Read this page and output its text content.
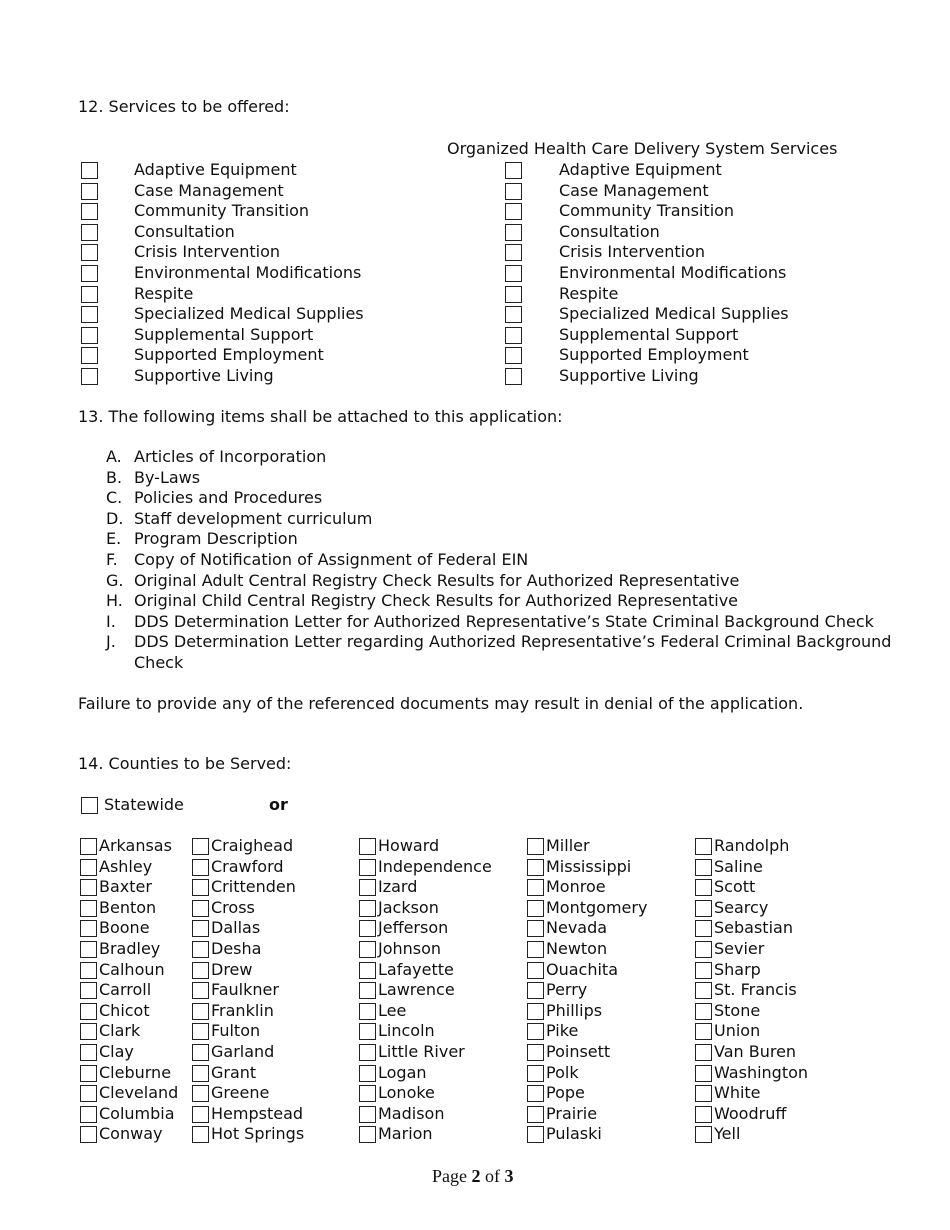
12. Services to be offered:
Organized Health Care Delivery System Services
Adaptive Equipment
Case Management
Community Transition
Consultation
Crisis Intervention
Environmental Modifications
Respite
Specialized Medical Supplies
Supplemental Support
Supported Employment
Supportive Living
Adaptive Equipment
Case Management
Community Transition
Consultation
Crisis Intervention
Environmental Modifications
Respite
Specialized Medical Supplies
Supplemental Support
Supported Employment
Supportive Living
13. The following items shall be attached to this application:
A. Articles of Incorporation
B. By-Laws
C. Policies and Procedures
D. Staff development curriculum
E. Program Description
F. Copy of Notification of Assignment of Federal EIN
G. Original Adult Central Registry Check Results for Authorized Representative
H. Original Child Central Registry Check Results for Authorized Representative
I. DDS Determination Letter for Authorized Representative’s State Criminal Background Check
J. DDS Determination Letter regarding Authorized Representative’s Federal Criminal Background
Check
Failure to provide any of the referenced documents may result in denial of the application.
14. Counties to be Served:
Statewide	or
Arkansas
Ashley
Baxter
Benton
Boone
Bradley
Calhoun
Carroll
Chicot
Clark
Clay
Cleburne
Cleveland
Columbia
Conway
Craighead
Crawford
Crittenden
Cross
Dallas
Desha
Drew
Faulkner
Franklin
Fulton
Garland
Grant
Greene
Hempstead
Hot Springs
Howard
Independence
Izard
Jackson
Jefferson
Johnson
Lafayette
Lawrence
Lee
Lincoln
Little River
Logan
Lonoke
Madison
Marion
Miller
Mississippi
Monroe
Montgomery
Nevada
Newton
Ouachita
Perry
Phillips
Pike
Poinsett
Polk
Pope
Prairie
Pulaski
Randolph
Saline
Scott
Searcy
Sebastian
Sevier
Sharp
St. Francis
Stone
Union
Van Buren
Washington
White
Woodruff
Yell
Page 2 of 3
